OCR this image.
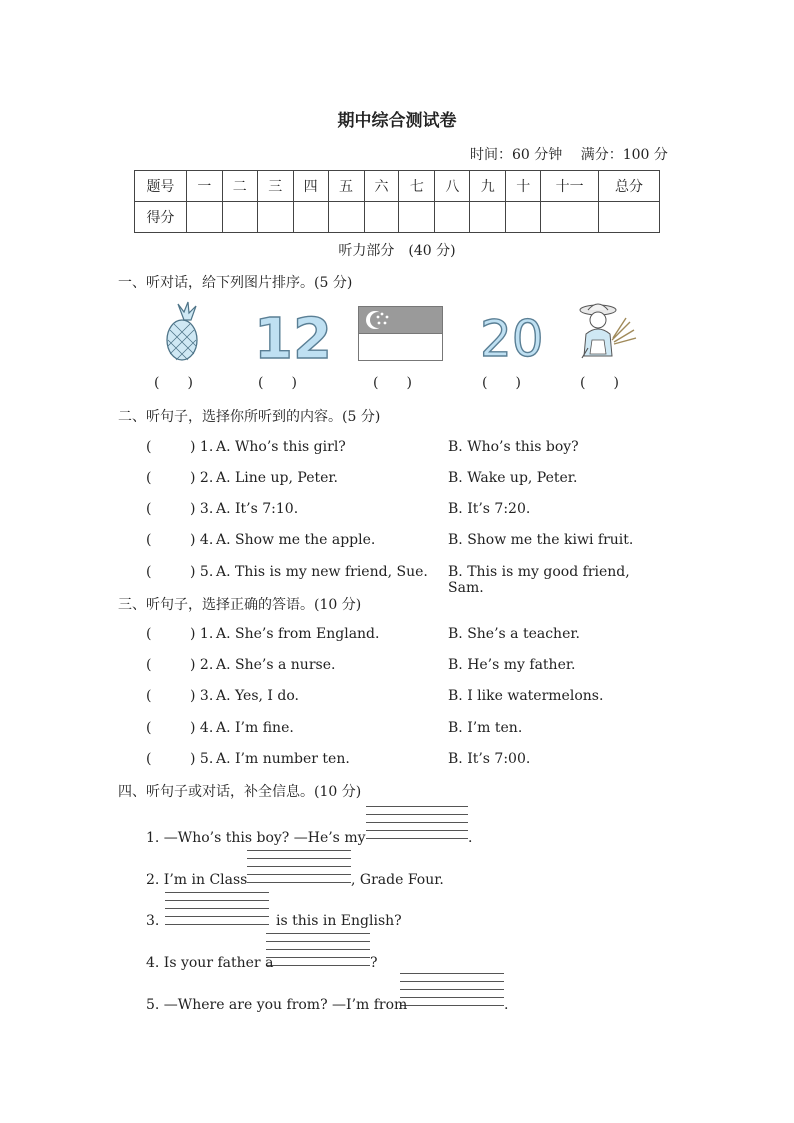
期中综合测试卷
时间：60 分钟 满分：100 分
题号	一	二	三	四	五	六	七	八	九	十	十一	总分
得分												
听力部分　(40 分)
一、听对话，给下列图片排序。(5 分)
12	20
(　　)	(　　)	(　　)	(　　)	(　　)
二、听句子，选择你所听到的内容。(5 分)
(	) 1. A. Who’s this girl?	B. Who’s this boy?
(	) 2. A. Line up, Peter.	B. Wake up, Peter.
(	) 3. A. It’s 7:10.	B. It’s 7:20.
(	) 4. A. Show me the apple.	B. Show me the kiwi fruit.
(	) 5. A. This is my new friend, Sue. B. This is my good friend, Sam.
三、听句子，选择正确的答语。(10 分)
(	) 1. A. She’s from England.	B. She’s a teacher.
(	) 2. A. She’s a nurse.	B. He’s my father.
(	) 3. A. Yes, I do.	B. I like watermelons.
(	) 4. A. I’m fine.	B. I’m ten.
(	) 5. A. I’m number ten.	B. It’s 7:00.
四、听句子或对话，补全信息。(10 分)
1. —Who’s this boy? —He’s my	.
2. I’m in Class	, Grade Four.
3.	is this in English?
4. Is your father a	?
5. —Where are you from? —I’m from	.
